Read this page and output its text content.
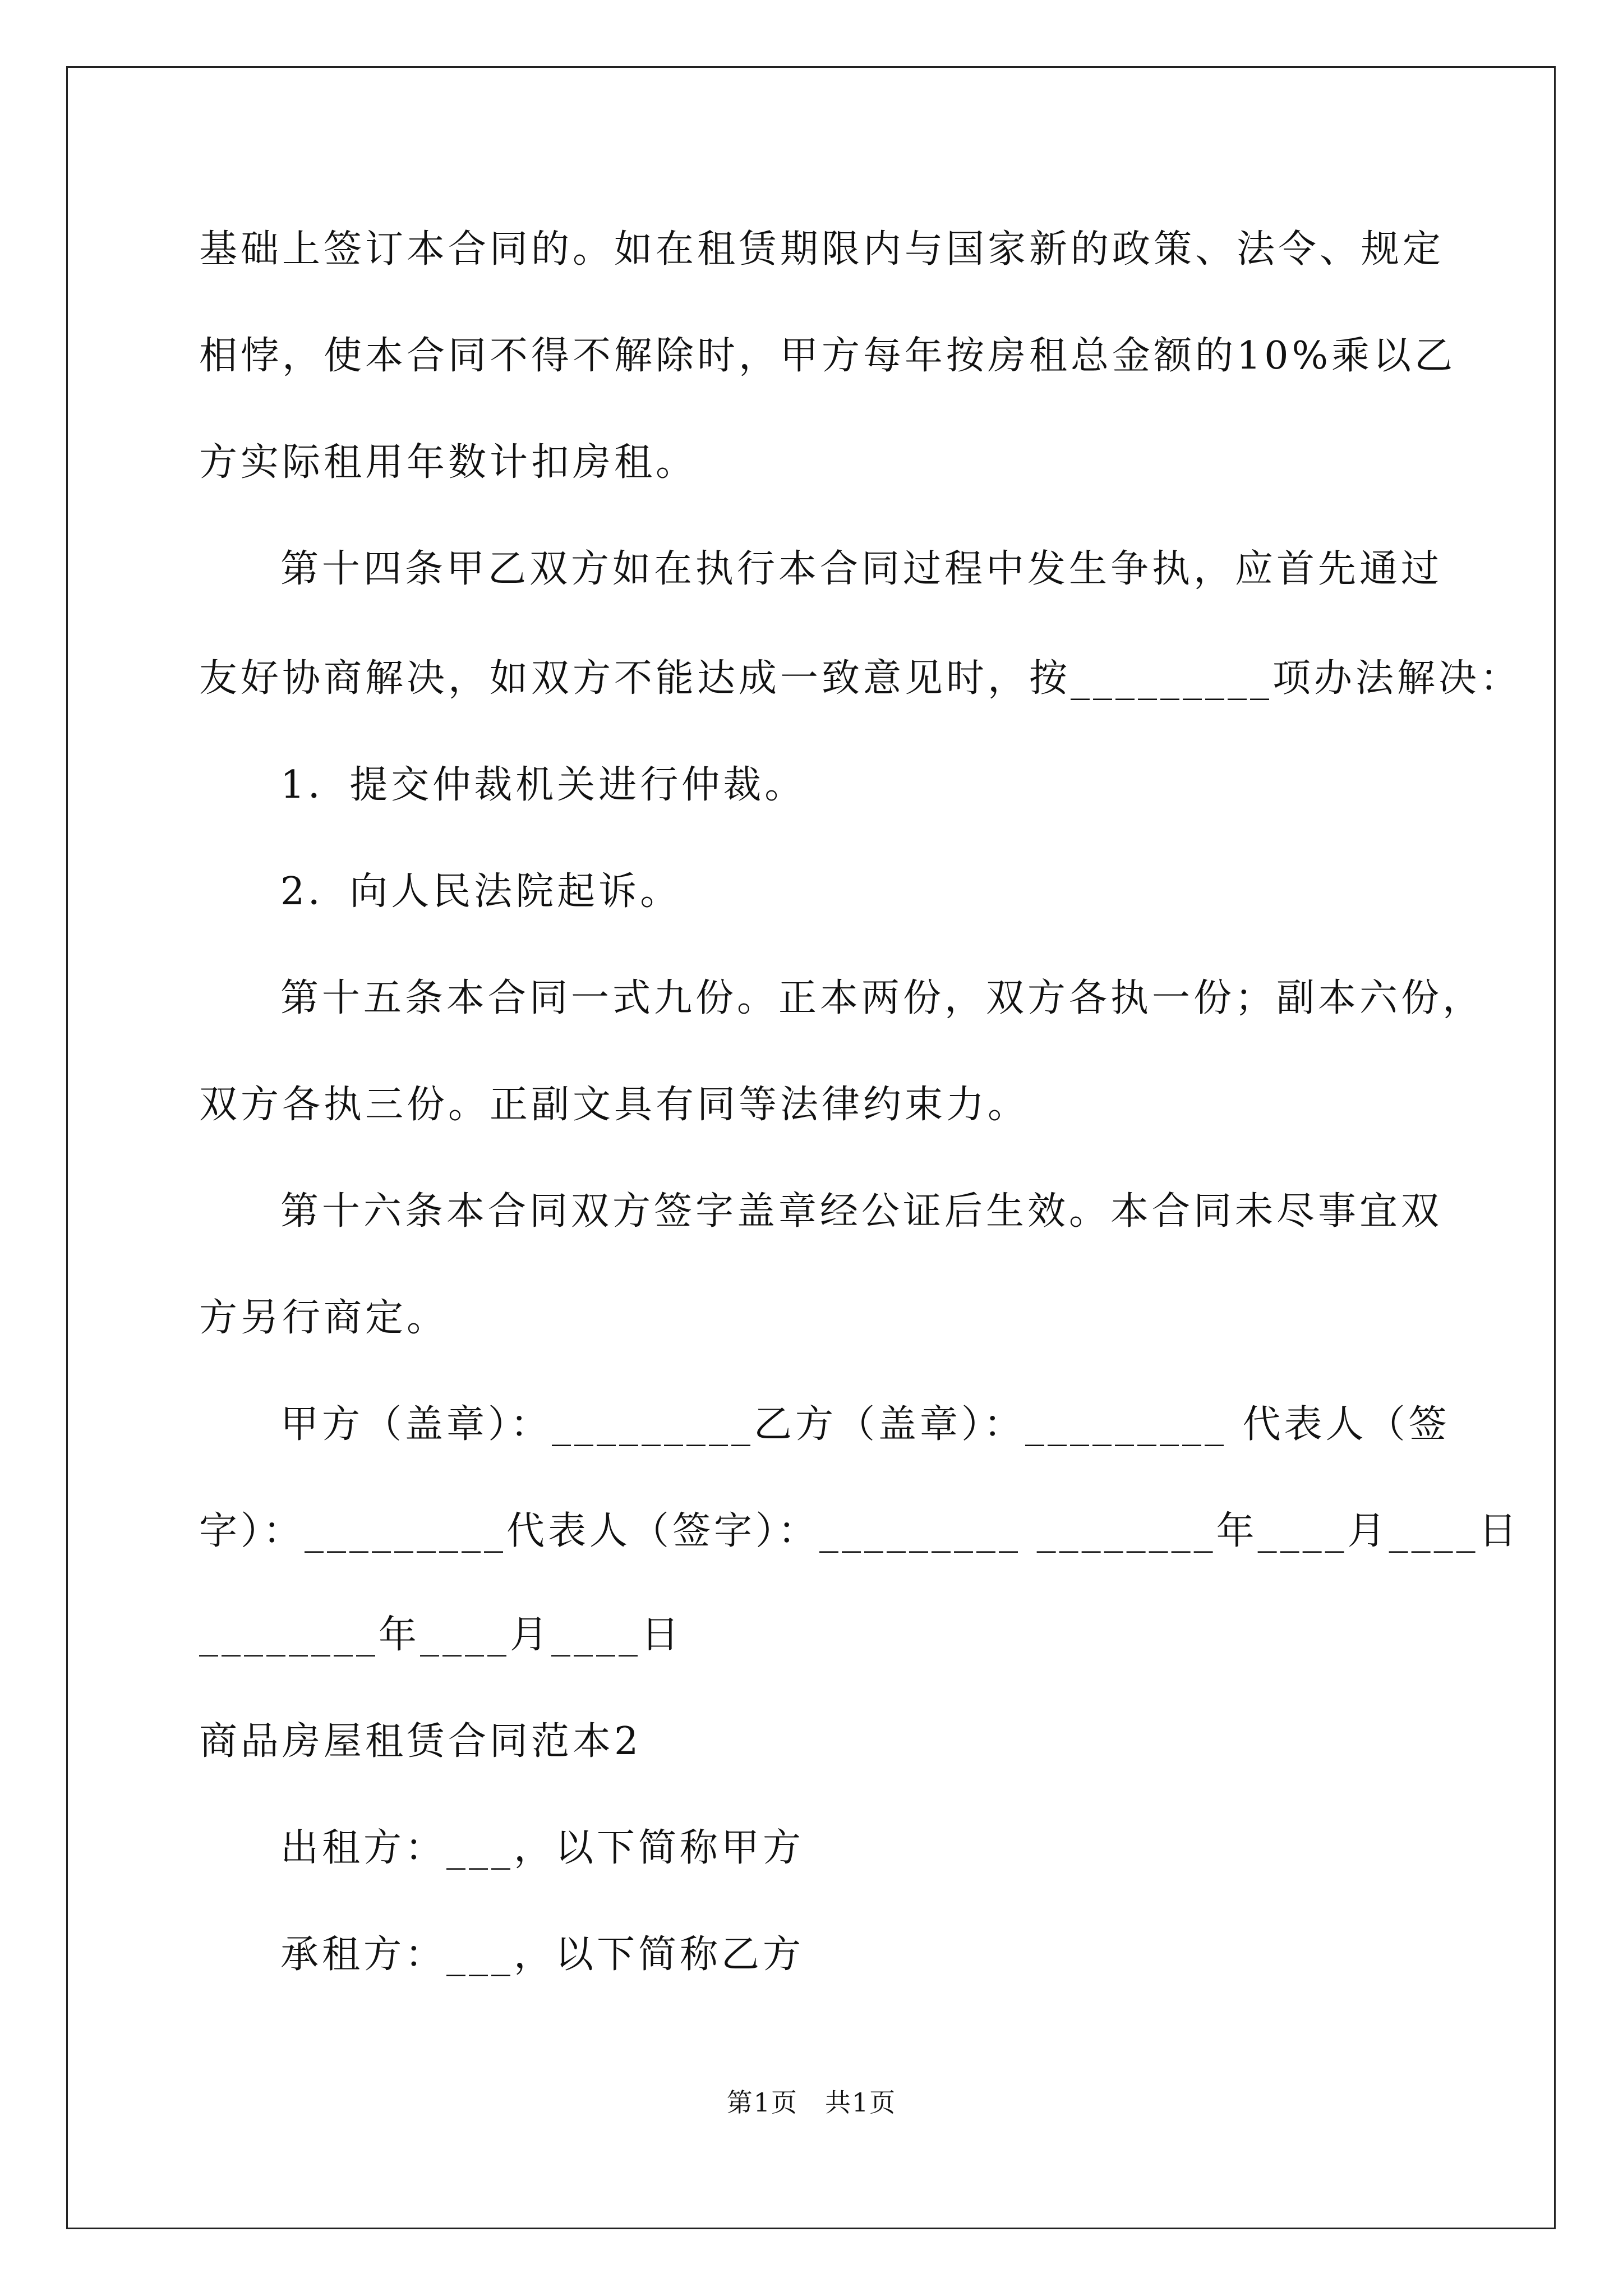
基础上签订本合同的。如在租赁期限内与国家新的政策、法令、规定

相悖，使本合同不得不解除时，甲方每年按房租总金额的10%乘以乙

方实际租用年数计扣房租。

第十四条甲乙双方如在执行本合同过程中发生争执，应首先通过

友好协商解决，如双方不能达成一致意见时，按_________项办法解决：

1．提交仲裁机关进行仲裁。

2．向人民法院起诉。

第十五条本合同一式九份。正本两份，双方各执一份；副本六份，

双方各执三份。正副文具有同等法律约束力。

第十六条本合同双方签字盖章经公证后生效。本合同未尽事宜双

方另行商定。

甲方（盖章）：_________乙方（盖章）：_________ 代表人（签

字）：_________代表人（签字）：_________ ________年____月____日

________年____月____日

商品房屋租赁合同范本2

出租方：___，以下简称甲方

承租方：___，以下简称乙方

第1页　共1页
